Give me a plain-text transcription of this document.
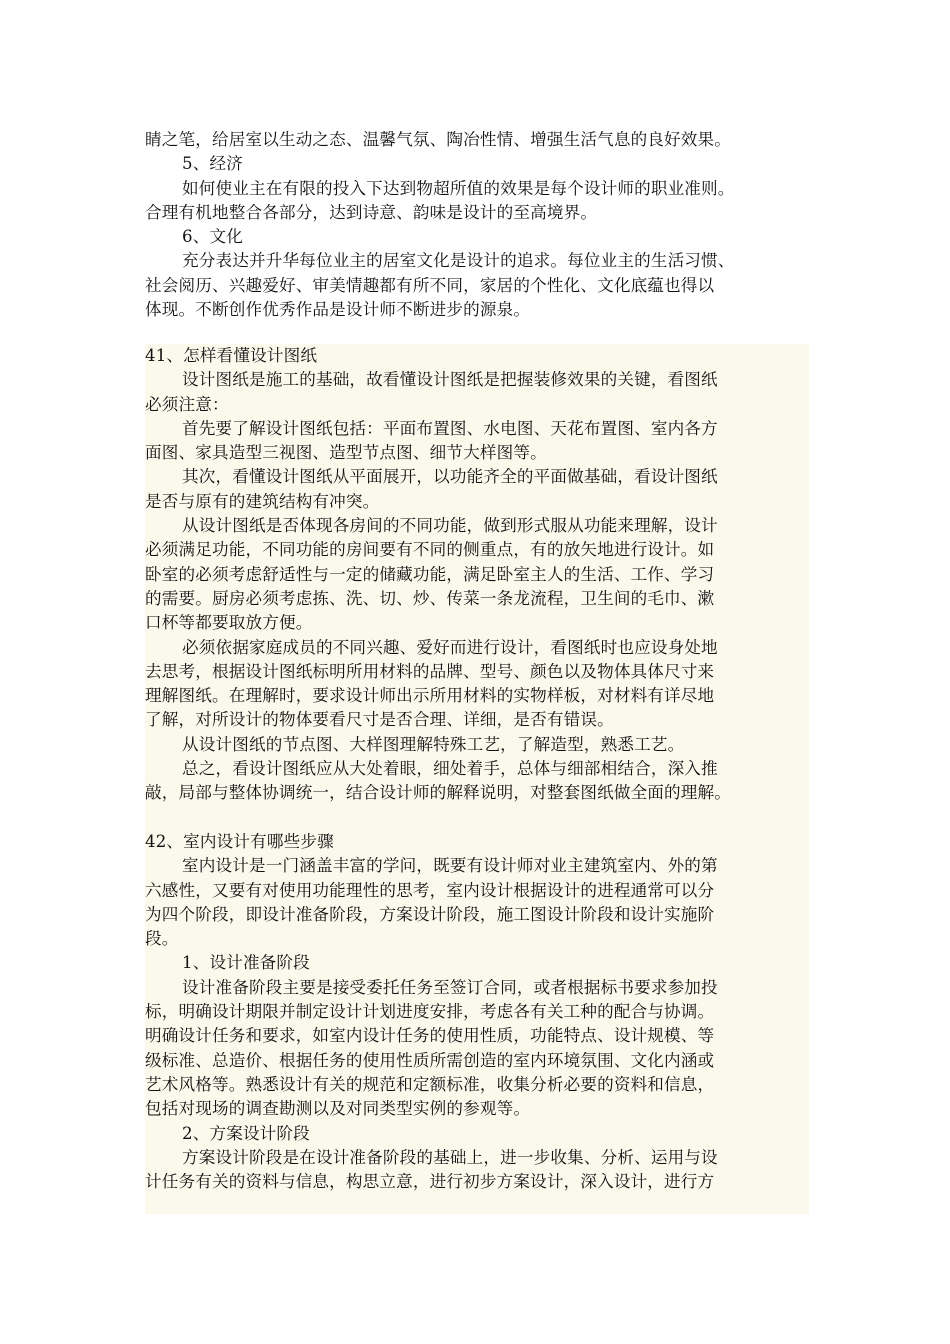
睛之笔，给居室以生动之态、温馨气氛、陶冶性情、增强生活气息的良好效果。
5、经济
如何使业主在有限的投入下达到物超所值的效果是每个设计师的职业准则。
合理有机地整合各部分，达到诗意、韵味是设计的至高境界。
6、文化
充分表达并升华每位业主的居室文化是设计的追求。每位业主的生活习惯、
社会阅历、兴趣爱好、审美情趣都有所不同，家居的个性化、文化底蕴也得以
体现。不断创作优秀作品是设计师不断进步的源泉。
41、怎样看懂设计图纸
设计图纸是施工的基础，故看懂设计图纸是把握装修效果的关键，看图纸
必须注意：
首先要了解设计图纸包括：平面布置图、水电图、天花布置图、室内各方
面图、家具造型三视图、造型节点图、细节大样图等。
其次，看懂设计图纸从平面展开，以功能齐全的平面做基础，看设计图纸
是否与原有的建筑结构有冲突。
从设计图纸是否体现各房间的不同功能，做到形式服从功能来理解，设计
必须满足功能，不同功能的房间要有不同的侧重点，有的放矢地进行设计。如
卧室的必须考虑舒适性与一定的储藏功能，满足卧室主人的生活、工作、学习
的需要。厨房必须考虑拣、洗、切、炒、传菜一条龙流程，卫生间的毛巾、漱
口杯等都要取放方便。
必须依据家庭成员的不同兴趣、爱好而进行设计，看图纸时也应设身处地
去思考，根据设计图纸标明所用材料的品牌、型号、颜色以及物体具体尺寸来
理解图纸。在理解时，要求设计师出示所用材料的实物样板，对材料有详尽地
了解，对所设计的物体要看尺寸是否合理、详细，是否有错误。
从设计图纸的节点图、大样图理解特殊工艺，了解造型，熟悉工艺。
总之，看设计图纸应从大处着眼，细处着手，总体与细部相结合，深入推
敲，局部与整体协调统一，结合设计师的解释说明，对整套图纸做全面的理解。
42、室内设计有哪些步骤
室内设计是一门涵盖丰富的学问，既要有设计师对业主建筑室内、外的第
六感性，又要有对使用功能理性的思考，室内设计根据设计的进程通常可以分
为四个阶段，即设计准备阶段，方案设计阶段，施工图设计阶段和设计实施阶
段。
1、设计准备阶段
设计准备阶段主要是接受委托任务至签订合同，或者根据标书要求参加投
标，明确设计期限并制定设计计划进度安排，考虑各有关工种的配合与协调。
明确设计任务和要求，如室内设计任务的使用性质，功能特点、设计规模、等
级标准、总造价、根据任务的使用性质所需创造的室内环境氛围、文化内涵或
艺术风格等。熟悉设计有关的规范和定额标准，收集分析必要的资料和信息，
包括对现场的调查勘测以及对同类型实例的参观等。
2、方案设计阶段
方案设计阶段是在设计准备阶段的基础上，进一步收集、分析、运用与设
计任务有关的资料与信息，构思立意，进行初步方案设计，深入设计，进行方
